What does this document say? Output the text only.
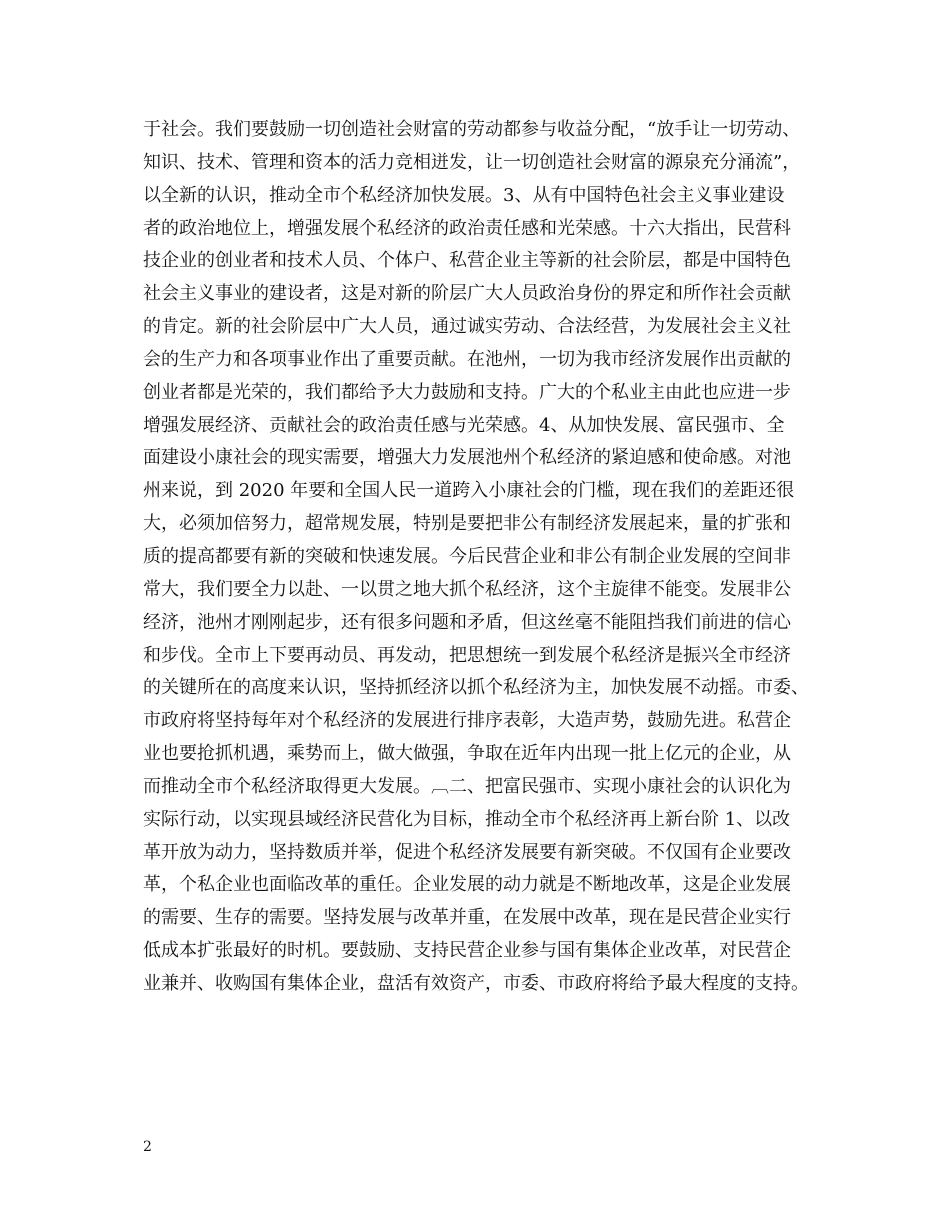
于社会。我们要鼓励一切创造社会财富的劳动都参与收益分配，“放手让一切劳动、
知识、技术、管理和资本的活力竞相迸发，让一切创造社会财富的源泉充分涌流”，
以全新的认识，推动全市个私经济加快发展。3、从有中国特色社会主义事业建设
者的政治地位上，增强发展个私经济的政治责任感和光荣感。十六大指出，民营科
技企业的创业者和技术人员、个体户、私营企业主等新的社会阶层，都是中国特色
社会主义事业的建设者，这是对新的阶层广大人员政治身份的界定和所作社会贡献
的肯定。新的社会阶层中广大人员，通过诚实劳动、合法经营，为发展社会主义社
会的生产力和各项事业作出了重要贡献。在池州，一切为我市经济发展作出贡献的
创业者都是光荣的，我们都给予大力鼓励和支持。广大的个私业主由此也应进一步
增强发展经济、贡献社会的政治责任感与光荣感。4、从加快发展、富民强市、全
面建设小康社会的现实需要，增强大力发展池州个私经济的紧迫感和使命感。对池
州来说，到 2020 年要和全国人民一道跨入小康社会的门槛，现在我们的差距还很
大，必须加倍努力，超常规发展，特别是要把非公有制经济发展起来，量的扩张和
质的提高都要有新的突破和快速发展。今后民营企业和非公有制企业发展的空间非
常大，我们要全力以赴、一以贯之地大抓个私经济，这个主旋律不能变。发展非公
经济，池州才刚刚起步，还有很多问题和矛盾，但这丝毫不能阻挡我们前进的信心
和步伐。全市上下要再动员、再发动，把思想统一到发展个私经济是振兴全市经济
的关键所在的高度来认识，坚持抓经济以抓个私经济为主，加快发展不动摇。市委、
市政府将坚持每年对个私经济的发展进行排序表彰，大造声势，鼓励先进。私营企
业也要抢抓机遇，乘势而上，做大做强，争取在近年内出现一批上亿元的企业，从
而推动全市个私经济取得更大发展。︹二、把富民强市、实现小康社会的认识化为
实际行动，以实现县域经济民营化为目标，推动全市个私经济再上新台阶 1、以改
革开放为动力，坚持数质并举，促进个私经济发展要有新突破。不仅国有企业要改
革，个私企业也面临改革的重任。企业发展的动力就是不断地改革，这是企业发展
的需要、生存的需要。坚持发展与改革并重，在发展中改革，现在是民营企业实行
低成本扩张最好的时机。要鼓励、支持民营企业参与国有集体企业改革，对民营企
业兼并、收购国有集体企业，盘活有效资产，市委、市政府将给予最大程度的支持。
2
